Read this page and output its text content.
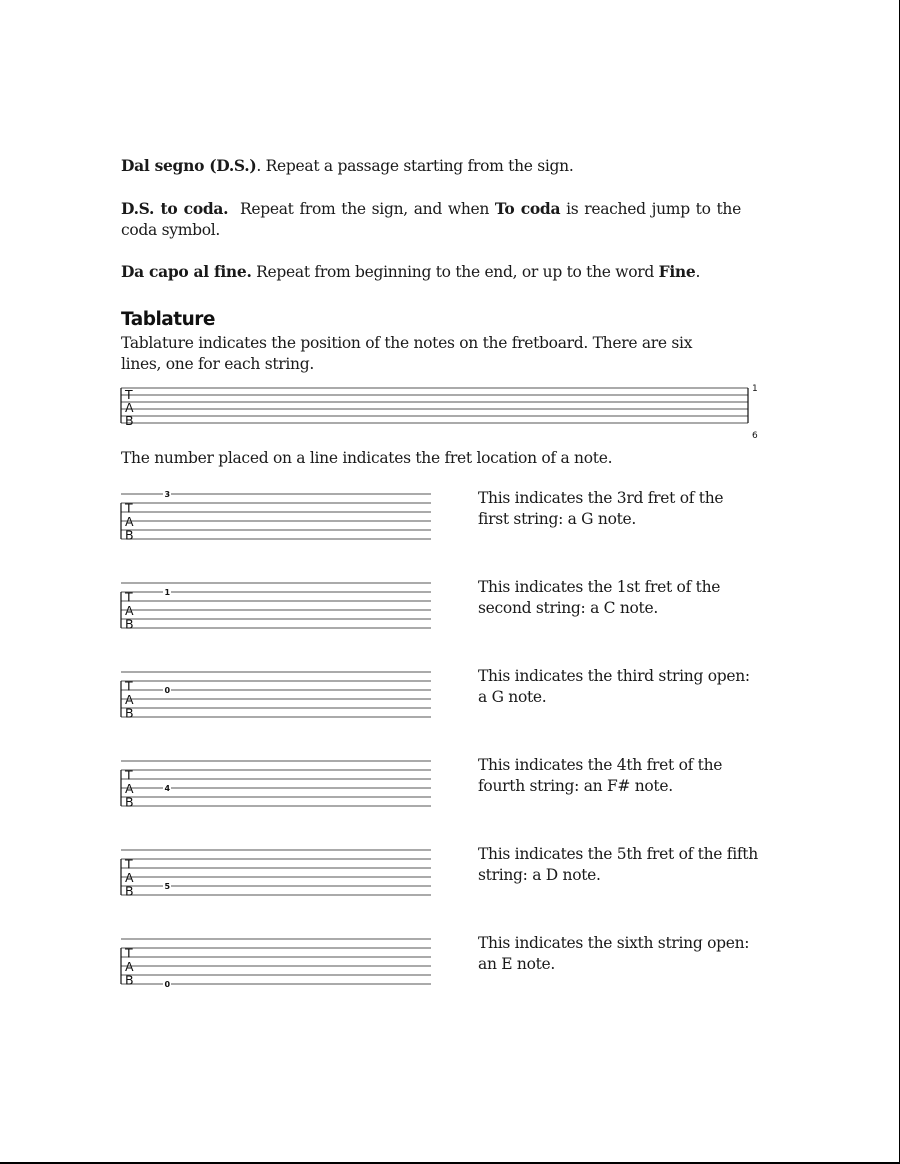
Dal segno (D.S.). Repeat a passage starting from the sign.
D.S. to coda.  Repeat from the sign, and when To coda is reached jump to the coda symbol.
Da capo al fine. Repeat from beginning to the end, or up to the word Fine.
Tablature
Tablature indicates the position of the notes on the fretboard. There are six lines, one for each string.
T
A
B
1
6
The number placed on a line indicates the fret location of a note.
T
A
B
3	This indicates the 3rd fret of the first string: a G note.
T
A
B
1	This indicates the 1st fret of the second string: a C note.
T
A
B
0
This indicates the third string open: a G note.
T
A
B
4
This indicates the 4th fret of the fourth string: an F# note.
T
A
B	5
This indicates the 5th fret of the fifth string: a D note.
T
A
B	0
This indicates the sixth string open: an E note.
